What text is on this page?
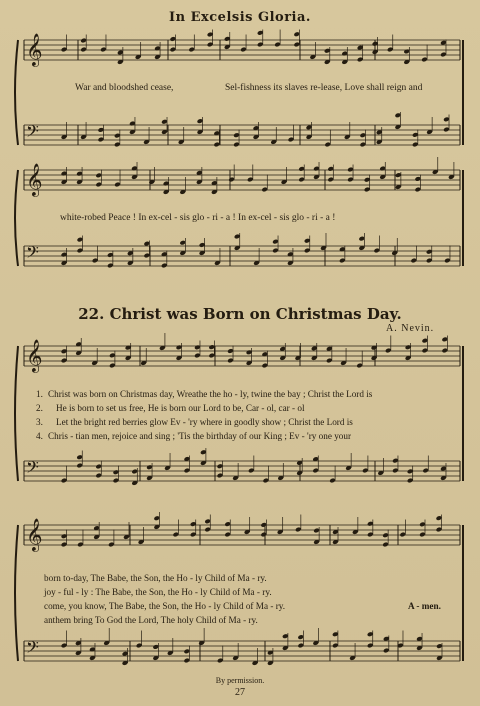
In Excelsis Gloria.
𝄞
𝄢
𝄞
𝄢
𝄞
𝄢
𝄞
𝄢
War and bloodshed cease,	Sel-fishness its slaves re-lease, Love shall reign and
white-robed Peace ! In ex-cel - sis glo - ri - a ! In ex-cel - sis glo - ri - a !
22. Christ was Born on Christmas Day.
A. Nevin.
1. Christ was born on Christmas day, Wreathe the ho - ly, twine the bay ; Christ the Lord is
2. He is born to set us free, He is born our Lord to be, Car - ol, car - ol
3. Let the bright red berries glow Ev - 'ry where in goodly show ; Christ the Lord is
4. Chris - tian men, rejoice and sing ; 'Tis the birthday of our King ; Ev - 'ry one your
born to-day, The Babe, the Son, the Ho - ly Child of Ma - ry.
joy - ful - ly : The Babe, the Son, the Ho - ly Child of Ma - ry.
come, you know, The Babe, the Son, the Ho - ly Child of Ma - ry.
anthem bring To God the Lord, The holy Child of Ma - ry.
A - men.
By permission.
27
